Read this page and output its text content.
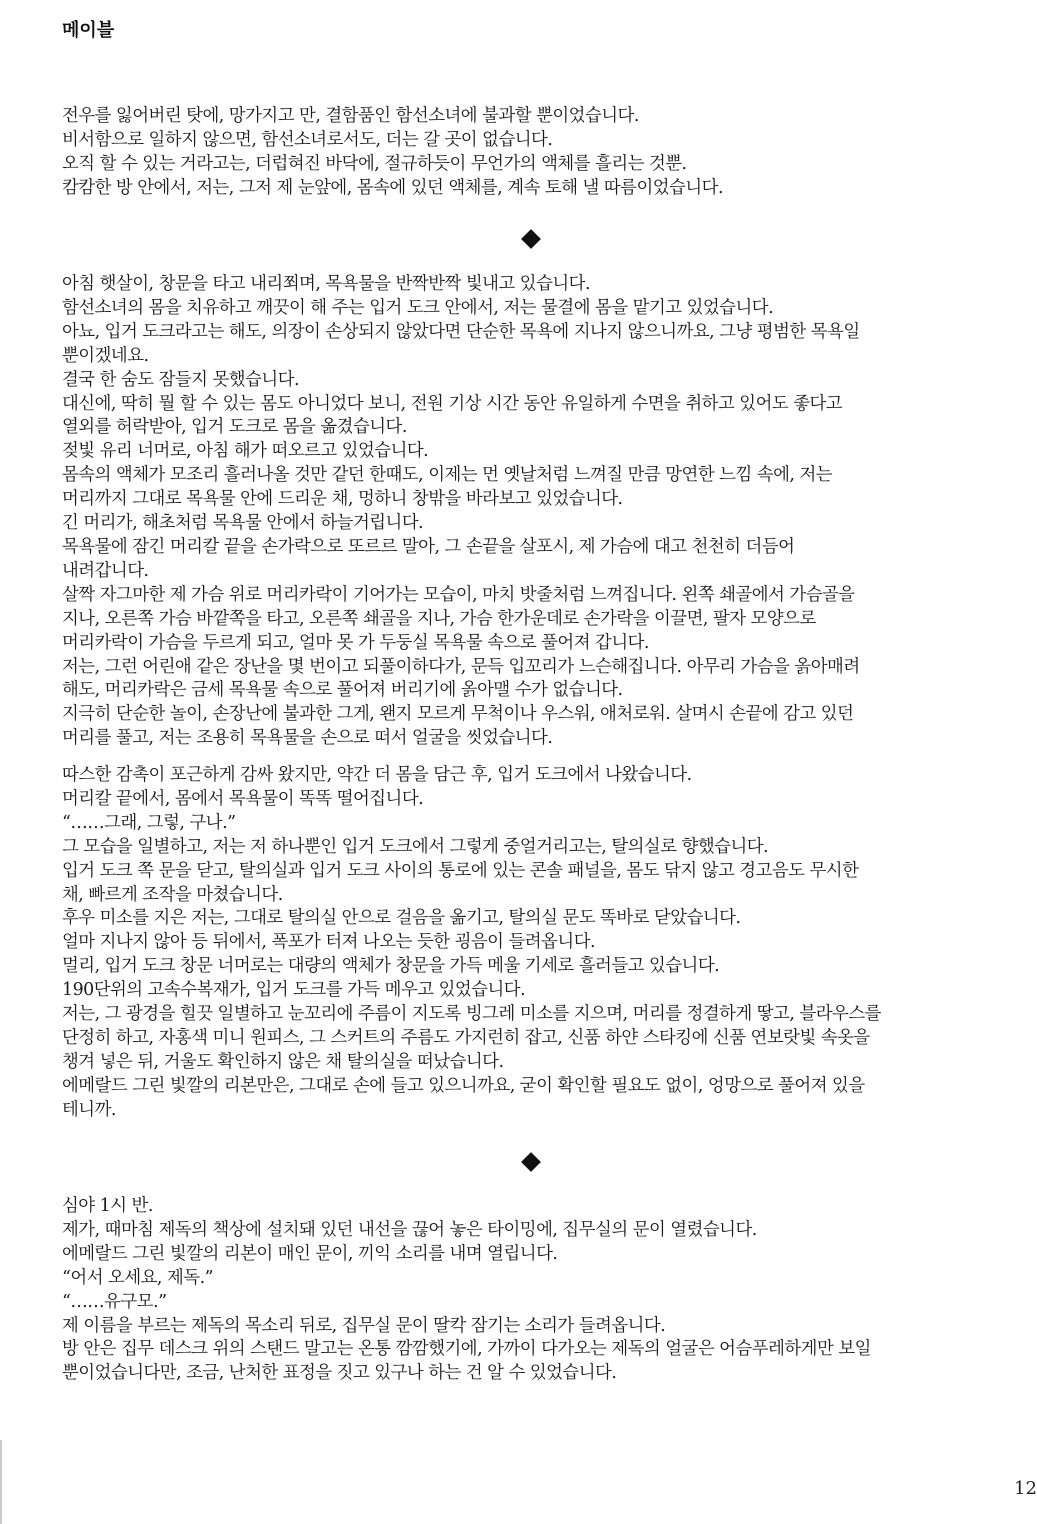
메이블
전우를 잃어버린 탓에, 망가지고 만, 결함품인 함선소녀에 불과할 뿐이었습니다.
비서함으로 일하지 않으면, 함선소녀로서도, 더는 갈 곳이 없습니다.
오직 할 수 있는 거라고는, 더럽혀진 바닥에, 절규하듯이 무언가의 액체를 흘리는 것뿐.
캄캄한 방 안에서, 저는, 그저 제 눈앞에, 몸속에 있던 액체를, 계속 토해 낼 따름이었습니다.
아침 햇살이, 창문을 타고 내리쬐며, 목욕물을 반짝반짝 빛내고 있습니다.
함선소녀의 몸을 치유하고 깨끗이 해 주는 입거 도크 안에서, 저는 물결에 몸을 맡기고 있었습니다.
아뇨, 입거 도크라고는 해도, 의장이 손상되지 않았다면 단순한 목욕에 지나지 않으니까요, 그냥 평범한 목욕일
뿐이겠네요.
결국 한 숨도 잠들지 못했습니다.
대신에, 딱히 뭘 할 수 있는 몸도 아니었다 보니, 전원 기상 시간 동안 유일하게 수면을 취하고 있어도 좋다고
열외를 허락받아, 입거 도크로 몸을 옮겼습니다.
젖빛 유리 너머로, 아침 해가 떠오르고 있었습니다.
몸속의 액체가 모조리 흘러나올 것만 같던 한때도, 이제는 먼 옛날처럼 느껴질 만큼 망연한 느낌 속에, 저는
머리까지 그대로 목욕물 안에 드리운 채, 멍하니 창밖을 바라보고 있었습니다.
긴 머리가, 해초처럼 목욕물 안에서 하늘거립니다.
목욕물에 잠긴 머리칼 끝을 손가락으로 또르르 말아, 그 손끝을 살포시, 제 가슴에 대고 천천히 더듬어
내려갑니다.
살짝 자그마한 제 가슴 위로 머리카락이 기어가는 모습이, 마치 밧줄처럼 느껴집니다. 왼쪽 쇄골에서 가슴골을
지나, 오른쪽 가슴 바깥쪽을 타고, 오른쪽 쇄골을 지나, 가슴 한가운데로 손가락을 이끌면, 팔자 모양으로
머리카락이 가슴을 두르게 되고, 얼마 못 가 두둥실 목욕물 속으로 풀어져 갑니다.
저는, 그런 어린애 같은 장난을 몇 번이고 되풀이하다가, 문득 입꼬리가 느슨해집니다. 아무리 가슴을 옭아매려
해도, 머리카락은 금세 목욕물 속으로 풀어져 버리기에 옭아맬 수가 없습니다.
지극히 단순한 놀이, 손장난에 불과한 그게, 왠지 모르게 무척이나 우스워, 애처로워. 살며시 손끝에 감고 있던
머리를 풀고, 저는 조용히 목욕물을 손으로 떠서 얼굴을 씻었습니다.
따스한 감촉이 포근하게 감싸 왔지만, 약간 더 몸을 담근 후, 입거 도크에서 나왔습니다.
머리칼 끝에서, 몸에서 목욕물이 똑똑 떨어집니다.
“……그래, 그렇, 구나.”
그 모습을 일별하고, 저는 저 하나뿐인 입거 도크에서 그렇게 중얼거리고는, 탈의실로 향했습니다.
입거 도크 쪽 문을 닫고, 탈의실과 입거 도크 사이의 통로에 있는 콘솔 패널을, 몸도 닦지 않고 경고음도 무시한
채, 빠르게 조작을 마쳤습니다.
후우 미소를 지은 저는, 그대로 탈의실 안으로 걸음을 옮기고, 탈의실 문도 똑바로 닫았습니다.
얼마 지나지 않아 등 뒤에서, 폭포가 터져 나오는 듯한 굉음이 들려옵니다.
멀리, 입거 도크 창문 너머로는 대량의 액체가 창문을 가득 메울 기세로 흘러들고 있습니다.
190단위의 고속수복재가, 입거 도크를 가득 메우고 있었습니다.
저는, 그 광경을 힐끗 일별하고 눈꼬리에 주름이 지도록 빙그레 미소를 지으며, 머리를 정결하게 땋고, 블라우스를
단정히 하고, 자홍색 미니 원피스, 그 스커트의 주름도 가지런히 잡고, 신품 하얀 스타킹에 신품 연보랏빛 속옷을
챙겨 넣은 뒤, 거울도 확인하지 않은 채 탈의실을 떠났습니다.
에메랄드 그린 빛깔의 리본만은, 그대로 손에 들고 있으니까요, 굳이 확인할 필요도 없이, 엉망으로 풀어져 있을
테니까.
심야 1시 반.
제가, 때마침 제독의 책상에 설치돼 있던 내선을 끊어 놓은 타이밍에, 집무실의 문이 열렸습니다.
에메랄드 그린 빛깔의 리본이 매인 문이, 끼익 소리를 내며 열립니다.
“어서 오세요, 제독.”
“……유구모.”
제 이름을 부르는 제독의 목소리 뒤로, 집무실 문이 딸칵 잠기는 소리가 들려옵니다.
방 안은 집무 데스크 위의 스탠드 말고는 온통 깜깜했기에, 가까이 다가오는 제독의 얼굴은 어슴푸레하게만 보일
뿐이었습니다만, 조금, 난처한 표정을 짓고 있구나 하는 건 알 수 있었습니다.
12
